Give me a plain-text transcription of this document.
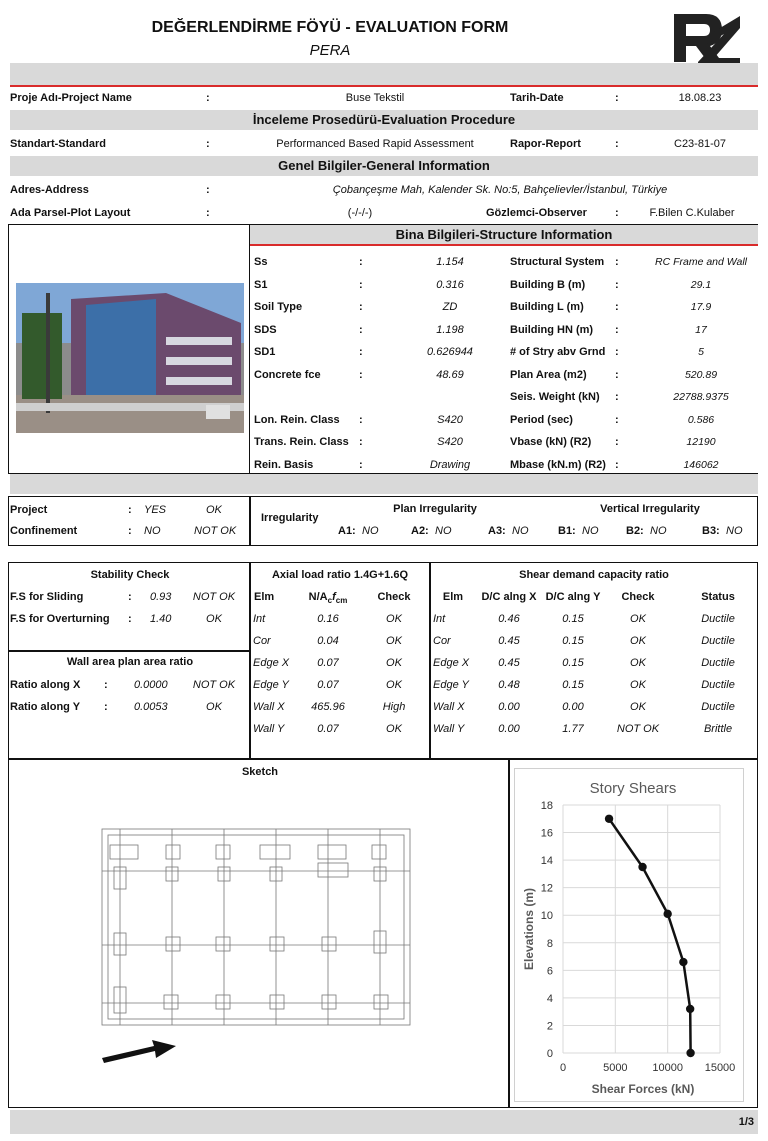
DEĞERLENDİRME FÖYÜ - EVALUATION FORM
PERA
Proje Adı-Project Name	:	Buse Tekstil	Tarih-Date	:	18.08.23
İnceleme Prosedürü-Evaluation Procedure
Standart-Standard	:	Performanced Based Rapid Assessment	Rapor-Report	:	C23-81-07
Genel Bilgiler-General Information
Adres-Address	:	Çobançeşme Mah, Kalender Sk. No:5, Bahçelievler/İstanbul, Türkiye
Ada Parsel-Plot Layout	:	(-/-/-)	Gözlemci-Observer	:	F.Bilen C.Kulaber
Bina Bilgileri-Structure Information
Ss	:	1.154
S1	:	0.316
Soil Type	:	ZD
SDS	:	1.198
SD1	:	0.626944
Concrete fce	:	48.69
Lon. Rein. Class :	S420
Trans. Rein. Class :	S420
Rein. Basis	:	Drawing
Structural System :	RC Frame and Wall
Building B (m)	:	29.1
Building L (m)	:	17.9
Building HN (m) :	17
# of Stry abv Grnd :	5
Plan Area (m2)	:	520.89
Seis. Weight (kN) :	22788.9375
Period (sec)	:	0.586
Vbase (kN) (R2) :	12190
Mbase (kN.m) (R2) :	146062
Project	: YES	OK
Confinement	: NO	NOT OK
Irregularity
Plan Irregularity	Vertical Irregularity
A1: NO	A2: NO	A3: NO	B1: NO	B2: NO	B3: NO
Stability Check
F.S for Sliding	: 0.93	NOT OK
F.S for Overturning : 1.40	OK
Wall area plan area ratio
Ratio along X : 0.0000	NOT OK
Ratio along Y : 0.0053	OK
Axial load ratio 1.4G+1.6Q
Elm	$N/A_cf_{cm}$	Check
Int	0.16	OK
Cor	0.04	OK
Edge X	0.07	OK
Edge Y	0.07	OK
Wall X	465.96	High
Wall Y	0.07	OK
Shear demand capacity ratio
Elm	D/C alng X D/C alng Y	Check	Status
Int	0.46	0.15	OK	Ductile
Cor	0.45	0.15	OK	Ductile
Edge X	0.45	0.15	OK	Ductile
Edge Y	0.48	0.15	OK	Ductile
Wall X	0.00	0.00	OK	Ductile
Wall Y	0.00	1.77	NOT OK	Brittle
Sketch
Story Shears
0
2
4
6
8
10
12
14
16
18
0	5000 10000 15000
Shear Forces (kN)
Elevations (m)
1/3
